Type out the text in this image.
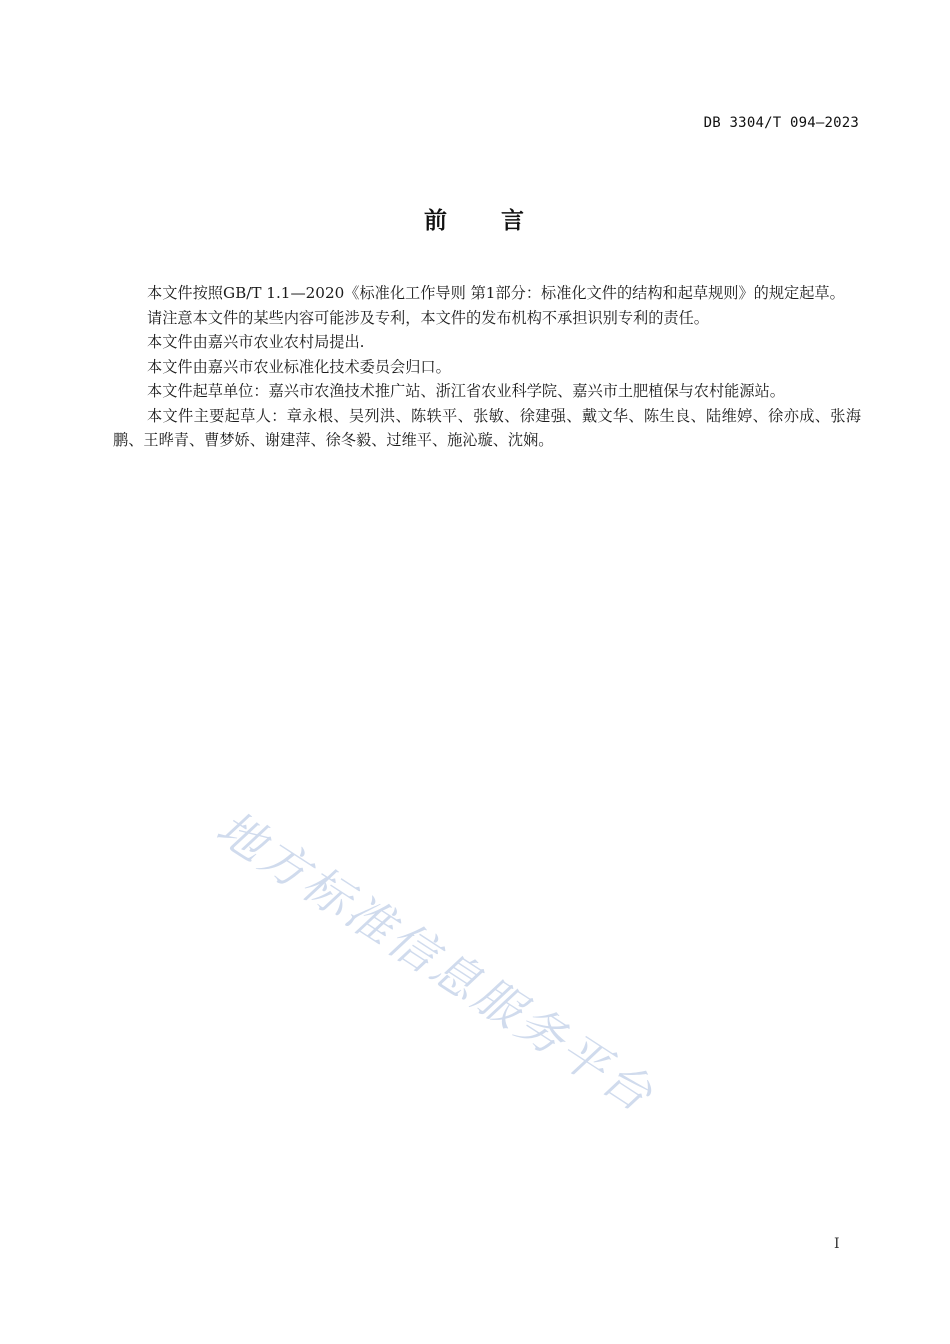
DB 3304/T 094—2023
前 言

本文件按照GB/T 1.1—2020《标准化工作导则 第1部分：标准化文件的结构和起草规则》的规定起草。

请注意本文件的某些内容可能涉及专利，本文件的发布机构不承担识别专利的责任。

本文件由嘉兴市农业农村局提出.

本文件由嘉兴市农业标准化技术委员会归口。

本文件起草单位：嘉兴市农渔技术推广站、浙江省农业科学院、嘉兴市土肥植保与农村能源站。

本文件主要起草人：章永根、吴列洪、陈轶平、张敏、徐建强、戴文华、陈生良、陆维婷、徐亦成、张海鹏、王晔青、曹梦娇、谢建萍、徐冬毅、过维平、施沁璇、沈娴。

地方标准信息服务平台
I
